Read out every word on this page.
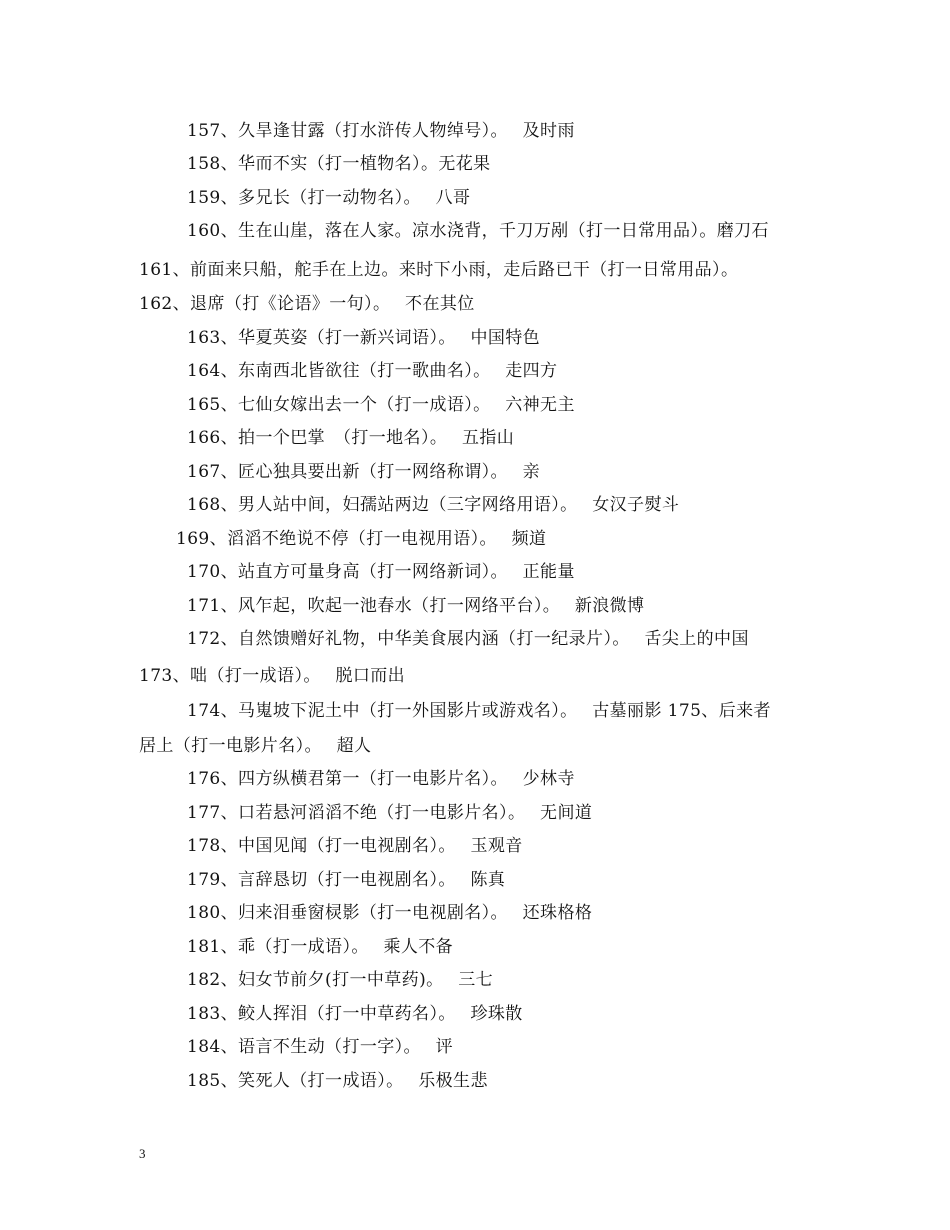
157、久旱逢甘露（打水浒传人物绰号）。　 及时雨
158、华而不实（打一植物名）。无花果
159、多兄长（打一动物名）。　 八哥
160、生在山崖，落在人家。凉水浇背，千刀万剐（打一日常用品）。磨刀石
161、前面来只船，舵手在上边。来时下小雨，走后路已干（打一日常用品）。
162、退席（打《论语》一句）。　 不在其位
163、华夏英姿（打一新兴词语）。　 中国特色
164、东南西北皆欲往（打一歌曲名）。　 走四方
165、七仙女嫁出去一个（打一成语）。　 六神无主
166、拍一个巴掌　（打一地名）。　 五指山
167、匠心独具要出新（打一网络称谓）。　 亲
168、男人站中间，妇孺站两边（三字网络用语）。　 女汉子熨斗
169、滔滔不绝说不停（打一电视用语）。　 频道
170、站直方可量身高（打一网络新词）。　 正能量
171、风乍起，吹起一池春水（打一网络平台）。　 新浪微博
172、自然馈赠好礼物，中华美食展内涵（打一纪录片）。　 舌尖上的中国
173、咄（打一成语）。　 脱口而出
174、马嵬坡下泥土中（打一外国影片或游戏名）。　 古墓丽影 175、后来者
居上（打一电影片名）。　 超人
176、四方纵横君第一（打一电影片名）。　 少林寺
177、口若悬河滔滔不绝（打一电影片名）。　 无间道
178、中国见闻（打一电视剧名）。　 玉观音
179、言辞恳切（打一电视剧名）。　 陈真
180、归来泪垂窗棂影（打一电视剧名）。　 还珠格格
181、乖（打一成语）。　 乘人不备
182、妇女节前夕(打一中草药)。　 三七
183、鲛人挥泪（打一中草药名）。　 珍珠散
184、语言不生动（打一字）。　 评
185、笑死人（打一成语）。　 乐极生悲
3
